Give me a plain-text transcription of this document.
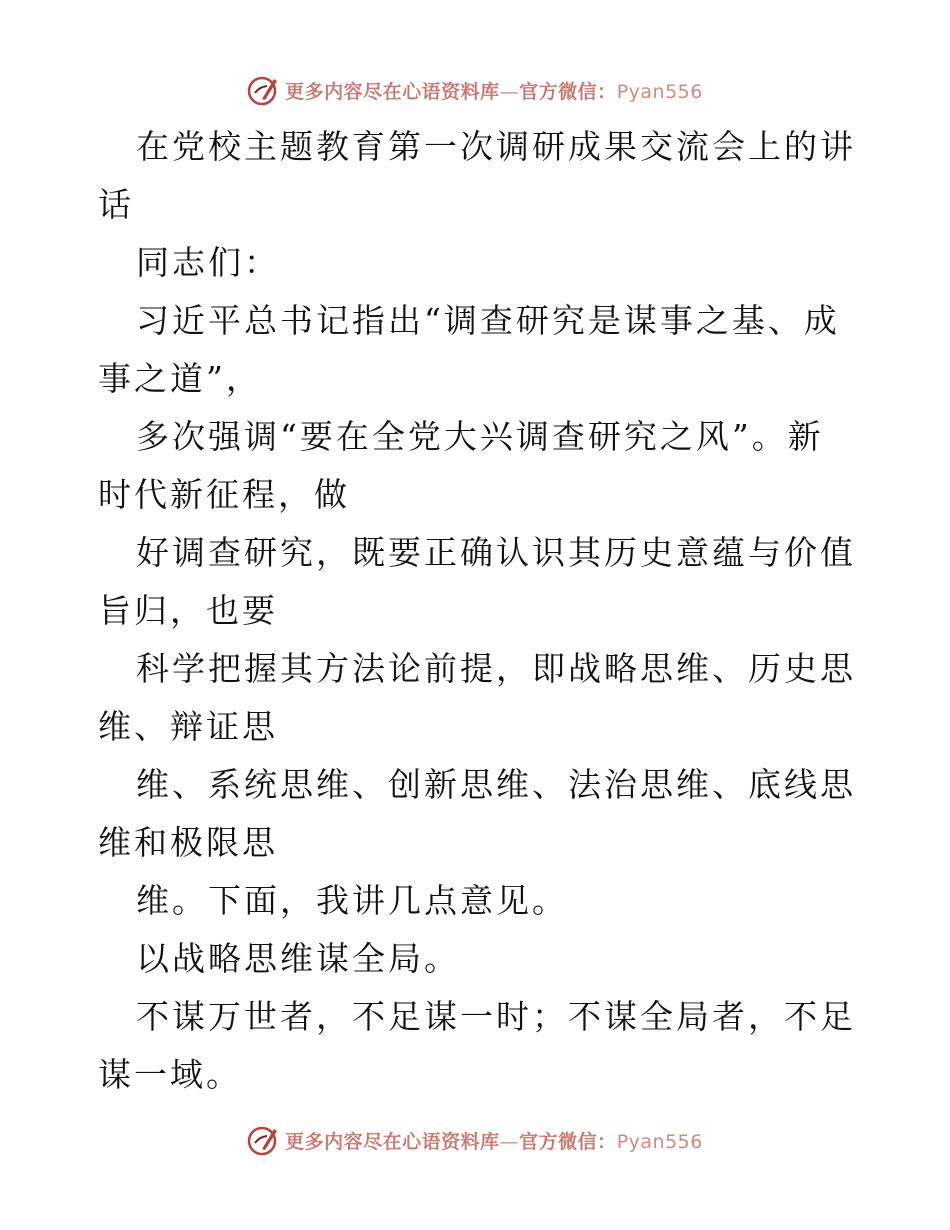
更多内容尽在心语资料库—官方微信：Pyan556

在党校主题教育第一次调研成果交流会上的讲话

同志们：

习近平总书记指出“调查研究是谋事之基、成事之道”，

多次强调“要在全党大兴调查研究之风”。新时代新征程，做

好调查研究，既要正确认识其历史意蕴与价值旨归，也要

科学把握其方法论前提，即战略思维、历史思维、辩证思

维、系统思维、创新思维、法治思维、底线思维和极限思

维。下面，我讲几点意见。

以战略思维谋全局。

不谋万世者，不足谋一时；不谋全局者，不足谋一域。

更多内容尽在心语资料库—官方微信：Pyan556
